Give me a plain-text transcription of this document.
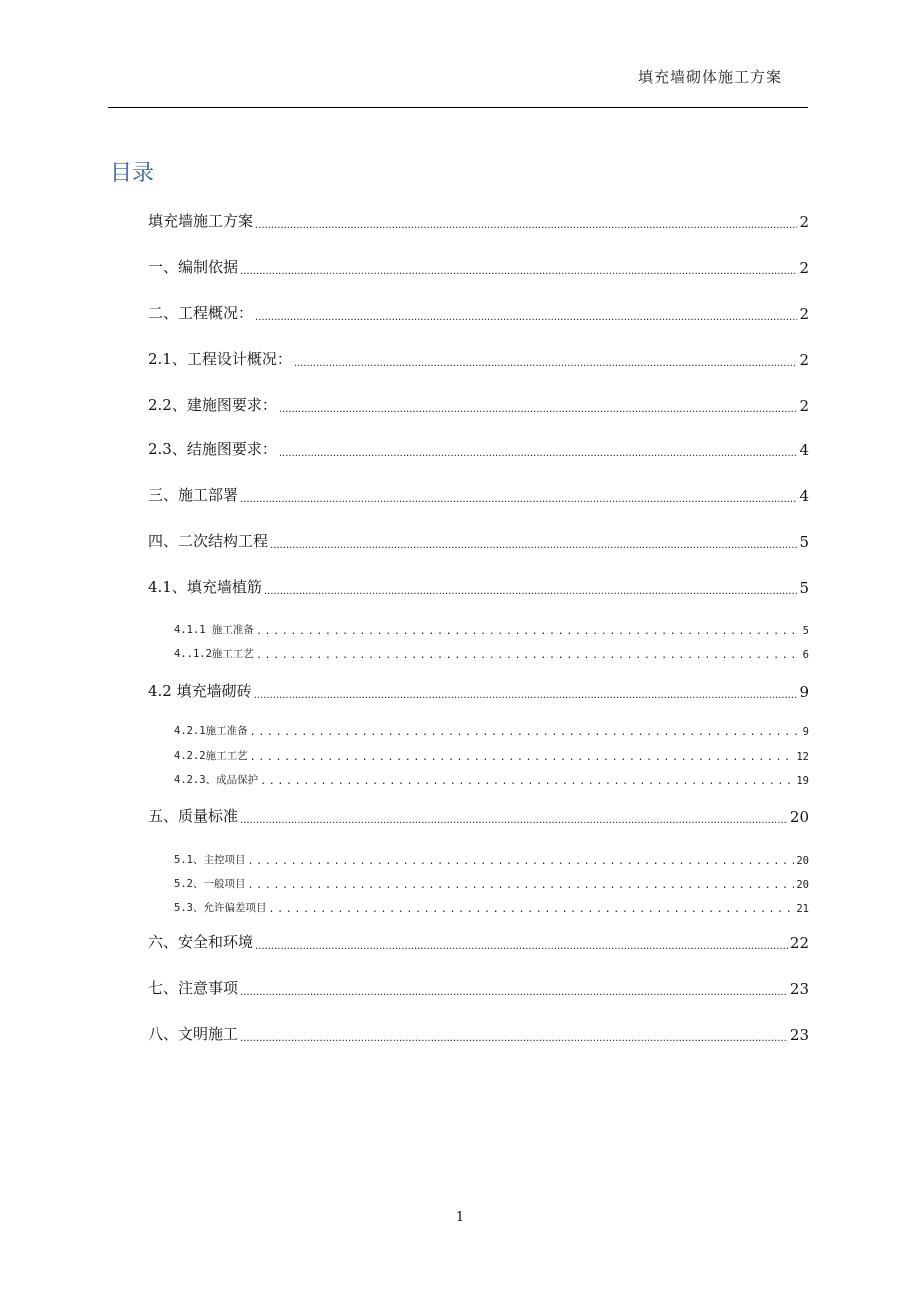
填充墙砌体施工方案
目录
填充墙施工方案 .....	2
一、编制依据 .....	2
二、工程概况： .....	2
2.1、工程设计概况： .....	2
2.2、建施图要求： .....	2
2.3、结施图要求： .....	4
三、施工部署 .....	4
四、二次结构工程 .....	5
4.1、填充墙植筋 .....	5
4.1.1 施工准备 .....	5
4..1.2施工工艺 .....	6
4.2 填充墙砌砖 .....	9
4.2.1施工准备 .....	9
4.2.2施工工艺 .....	12
4.2.3、成品保护 .....	19
五、质量标准 .....	20
5.1、主控项目 .....	20
5.2、一般项目 .....	20
5.3、允许偏差项目 .....	21
六、安全和环境 .....	22
七、注意事项 .....	23
八、文明施工 .....	23
1
